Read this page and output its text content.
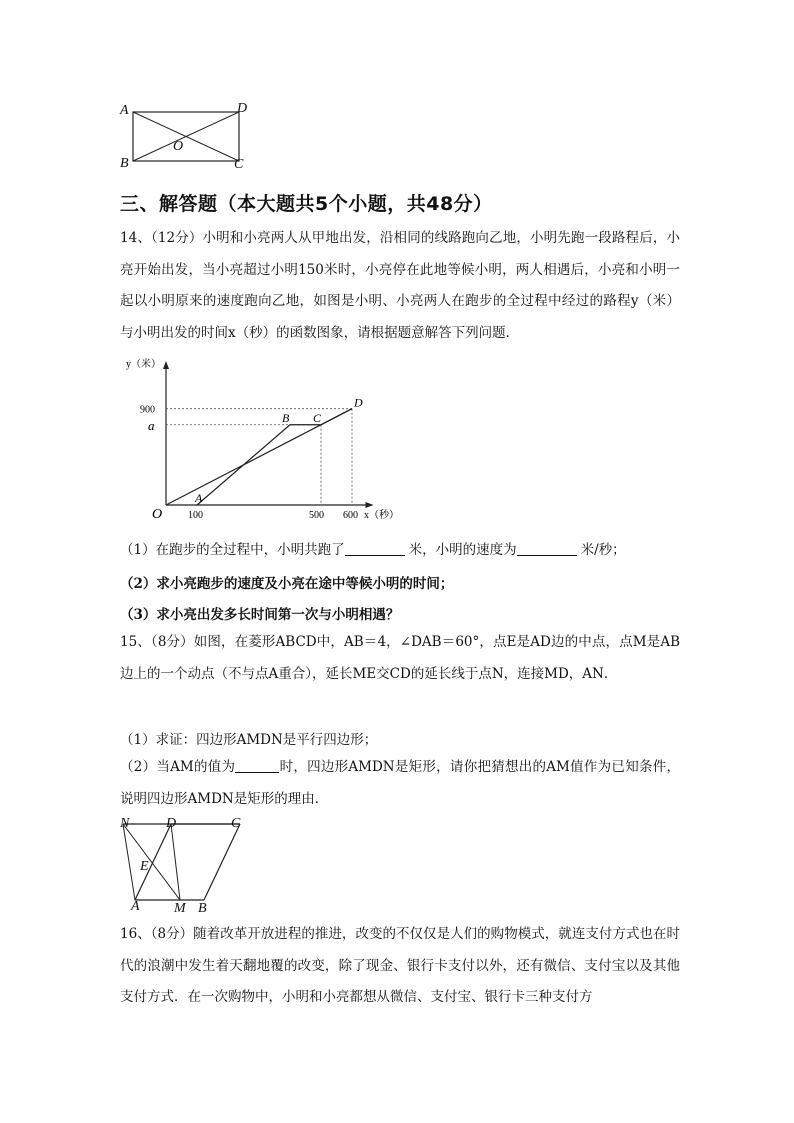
A	D
O
B	C
三、解答题（本大题共5个小题，共48分）
14、（12分）小明和小亮两人从甲地出发，沿相同的线路跑向乙地，小明先跑一段路程后，小亮开始出发，当小亮超过小明150米时，小亮停在此地等候小明，两人相遇后，小亮和小明一起以小明原来的速度跑向乙地，如图是小明、小亮两人在跑步的全过程中经过的路程y（米）与小明出发的时间x（秒）的函数图象，请根据题意解答下列问题．
900
a
100	500 600
y（米）
x（秒）
O
A
B C
D
（1）在跑步的全过程中，小明共跑了	米，小明的速度为	米/秒；
（2）求小亮跑步的速度及小亮在途中等候小明的时间；
（3）求小亮出发多长时间第一次与小明相遇？
15、（8分）如图，在菱形ABCD中，AB＝4，∠DAB＝60°，点E是AD边的中点，点M是AB边上的一个动点（不与点A重合），延长ME交CD的延长线于点N，连接MD，AN．
（1）求证：四边形AMDN是平行四边形；
（2）当AM的值为	时，四边形AMDN是矩形，请你把猜想出的AM值作为已知条件，说明四边形AMDN是矩形的理由．
N	D	C
E
A M B
16、（8分）随着改革开放进程的推进，改变的不仅仅是人们的购物模式，就连支付方式也在时代的浪潮中发生着天翻地覆的改变，除了现金、银行卡支付以外，还有微信、支付宝以及其他支付方式．在一次购物中，小明和小亮都想从微信、支付宝、银行卡三种支付方
